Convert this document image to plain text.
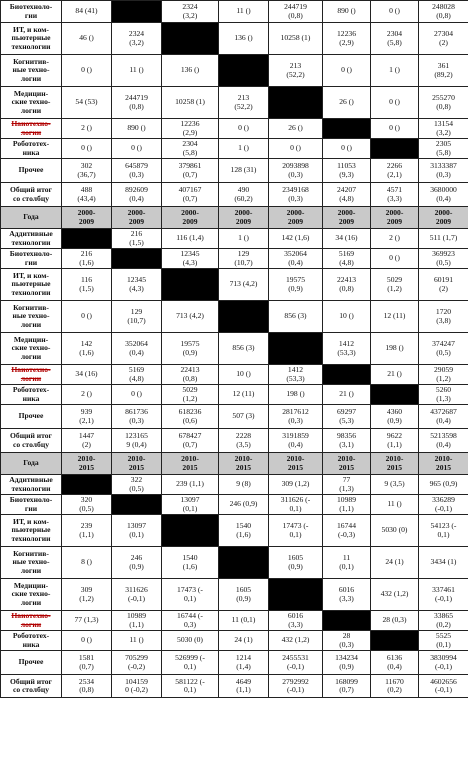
Биотехноло-
гии	84 (41)		2324
(3,2)	11 ()	244719
(0,8)	890 ()	0 ()	248028
(0,8)
ИТ, и ком-
пьютерные
технологии	46 ()	2324
(3,2)		136 ()	10258 (1)	12236
(2,9)	2304
(5,8)	27304
(2)
Когнитив-
ные техно-
логии	0 ()	11 ()	136 ()		213
(52,2)	0 ()	1 ()	361
(89,2)
Медицин-
ские техно-
логии	54 (53)	244719
(0,8)	10258 (1)	213
(52,2)		26 ()	0 ()	255270
(0,8)
Нанотехно-
логии	2 ()	890 ()	12236
(2,9)	0 ()	26 ()		0 ()	13154
(3,2)
Робототех-
ника	0 ()	0 ()	2304
(5,8)	1 ()	0 ()	0 ()		2305
(5,8)
Прочее	302
(36,7)	645879
(0,3)	379861
(0,7)	128 (31)	2093898
(0,3)	11053
(9,3)	2266
(2,1)	3133387
(0,3)
Общий итог
со столбцу	488
(43,4)	892609
(0,4)	407167
(0,7)	490
(60,2)	2349168
(0,3)	24207
(4,8)	4571
(3,3)	3680000
(0,4)
Года	2000-
2009	2000-
2009	2000-
2009	2000-
2009	2000-
2009	2000-
2009	2000-
2009	2000-
2009
Аддитивные
технологии		216
(1,5)	116 (1,4)	1 ()	142 (1,6)	34 (16)	2 ()	511 (1,7)
Биотехноло-
гии	216
(1,6)		12345
(4,3)	129
(10,7)	352064
(0,4)	5169
(4,8)	0 ()	369923
(0,5)
ИТ, и ком-
пьютерные
технологии	116
(1,5)	12345
(4,3)		713 (4,2)	19575
(0,9)	22413
(0,8)	5029
(1,2)	60191
(2)
Когнитив-
ные техно-
логии	0 ()	129
(10,7)	713 (4,2)		856 (3)	10 ()	12 (11)	1720
(3,8)
Медицин-
ские техно-
логии	142
(1,6)	352064
(0,4)	19575
(0,9)	856 (3)		1412
(53,3)	198 ()	374247
(0,5)
Нанотехно-
логии	34 (16)	5169
(4,8)	22413
(0,8)	10 ()	1412
(53,3)		21 ()	29059
(1,2)
Робототех-
ника	2 ()	0 ()	5029
(1,2)	12 (11)	198 ()	21 ()		5260
(1,3)
Прочее	939
(2,1)	861736
(0,3)	618236
(0,6)	507 (3)	2817612
(0,3)	69297
(5,3)	4360
(0,9)	4372687
(0,4)
Общий итог
со столбцу	1447
(2)	123165
9 (0,4)	678427
(0,7)	2228
(3,5)	3191859
(0,4)	98356
(3,1)	9622
(1,1)	5213598
(0,4)
Года	2010-
2015	2010-
2015	2010-
2015	2010-
2015	2010-
2015	2010-
2015	2010-
2015	2010-
2015
Аддитивные
технологии		322
(0,5)	239 (1,1)	9 (8)	309 (1,2)	77
(1,3)	9 (3,5)	965 (0,9)
Биотехноло-
гии	320
(0,5)		13097
(0,1)	246 (0,9)	311626 (-
0,1)	10989
(1,1)	11 ()	336289
(-0,1)
ИТ, и ком-
пьютерные
технологии	239
(1,1)	13097
(0,1)		1540
(1,6)	17473 (-
0,1)	16744
(-0,3)	5030 (0)	54123 (-
0,1)
Когнитив-
ные техно-
логии	8 ()	246
(0,9)	1540
(1,6)		1605
(0,9)	11
(0,1)	24 (1)	3434 (1)
Медицин-
ские техно-
логии	309
(1,2)	311626
(-0,1)	17473 (-
0,1)	1605
(0,9)		6016
(3,3)	432 (1,2)	337461
(-0,1)
Нанотехно-
логии	77 (1,3)	10989
(1,1)	16744 (-
0,3)	11 (0,1)	6016
(3,3)		28 (0,3)	33865
(0,2)
Робототех-
ника	0 ()	11 ()	5030 (0)	24 (1)	432 (1,2)	28
(0,3)		5525
(0,1)
Прочее	1581
(0,7)	705299
(-0,2)	526999 (-
0,1)	1214
(1,4)	2455531
(-0,1)	134234
(0,9)	6136
(0,4)	3830994
(-0,1)
Общий итог
со столбцу	2534
(0,8)	104159
0 (-0,2)	581122 (-
0,1)	4649
(1,1)	2792992
(-0,1)	168099
(0,7)	11670
(0,2)	4602656
(-0,1)
